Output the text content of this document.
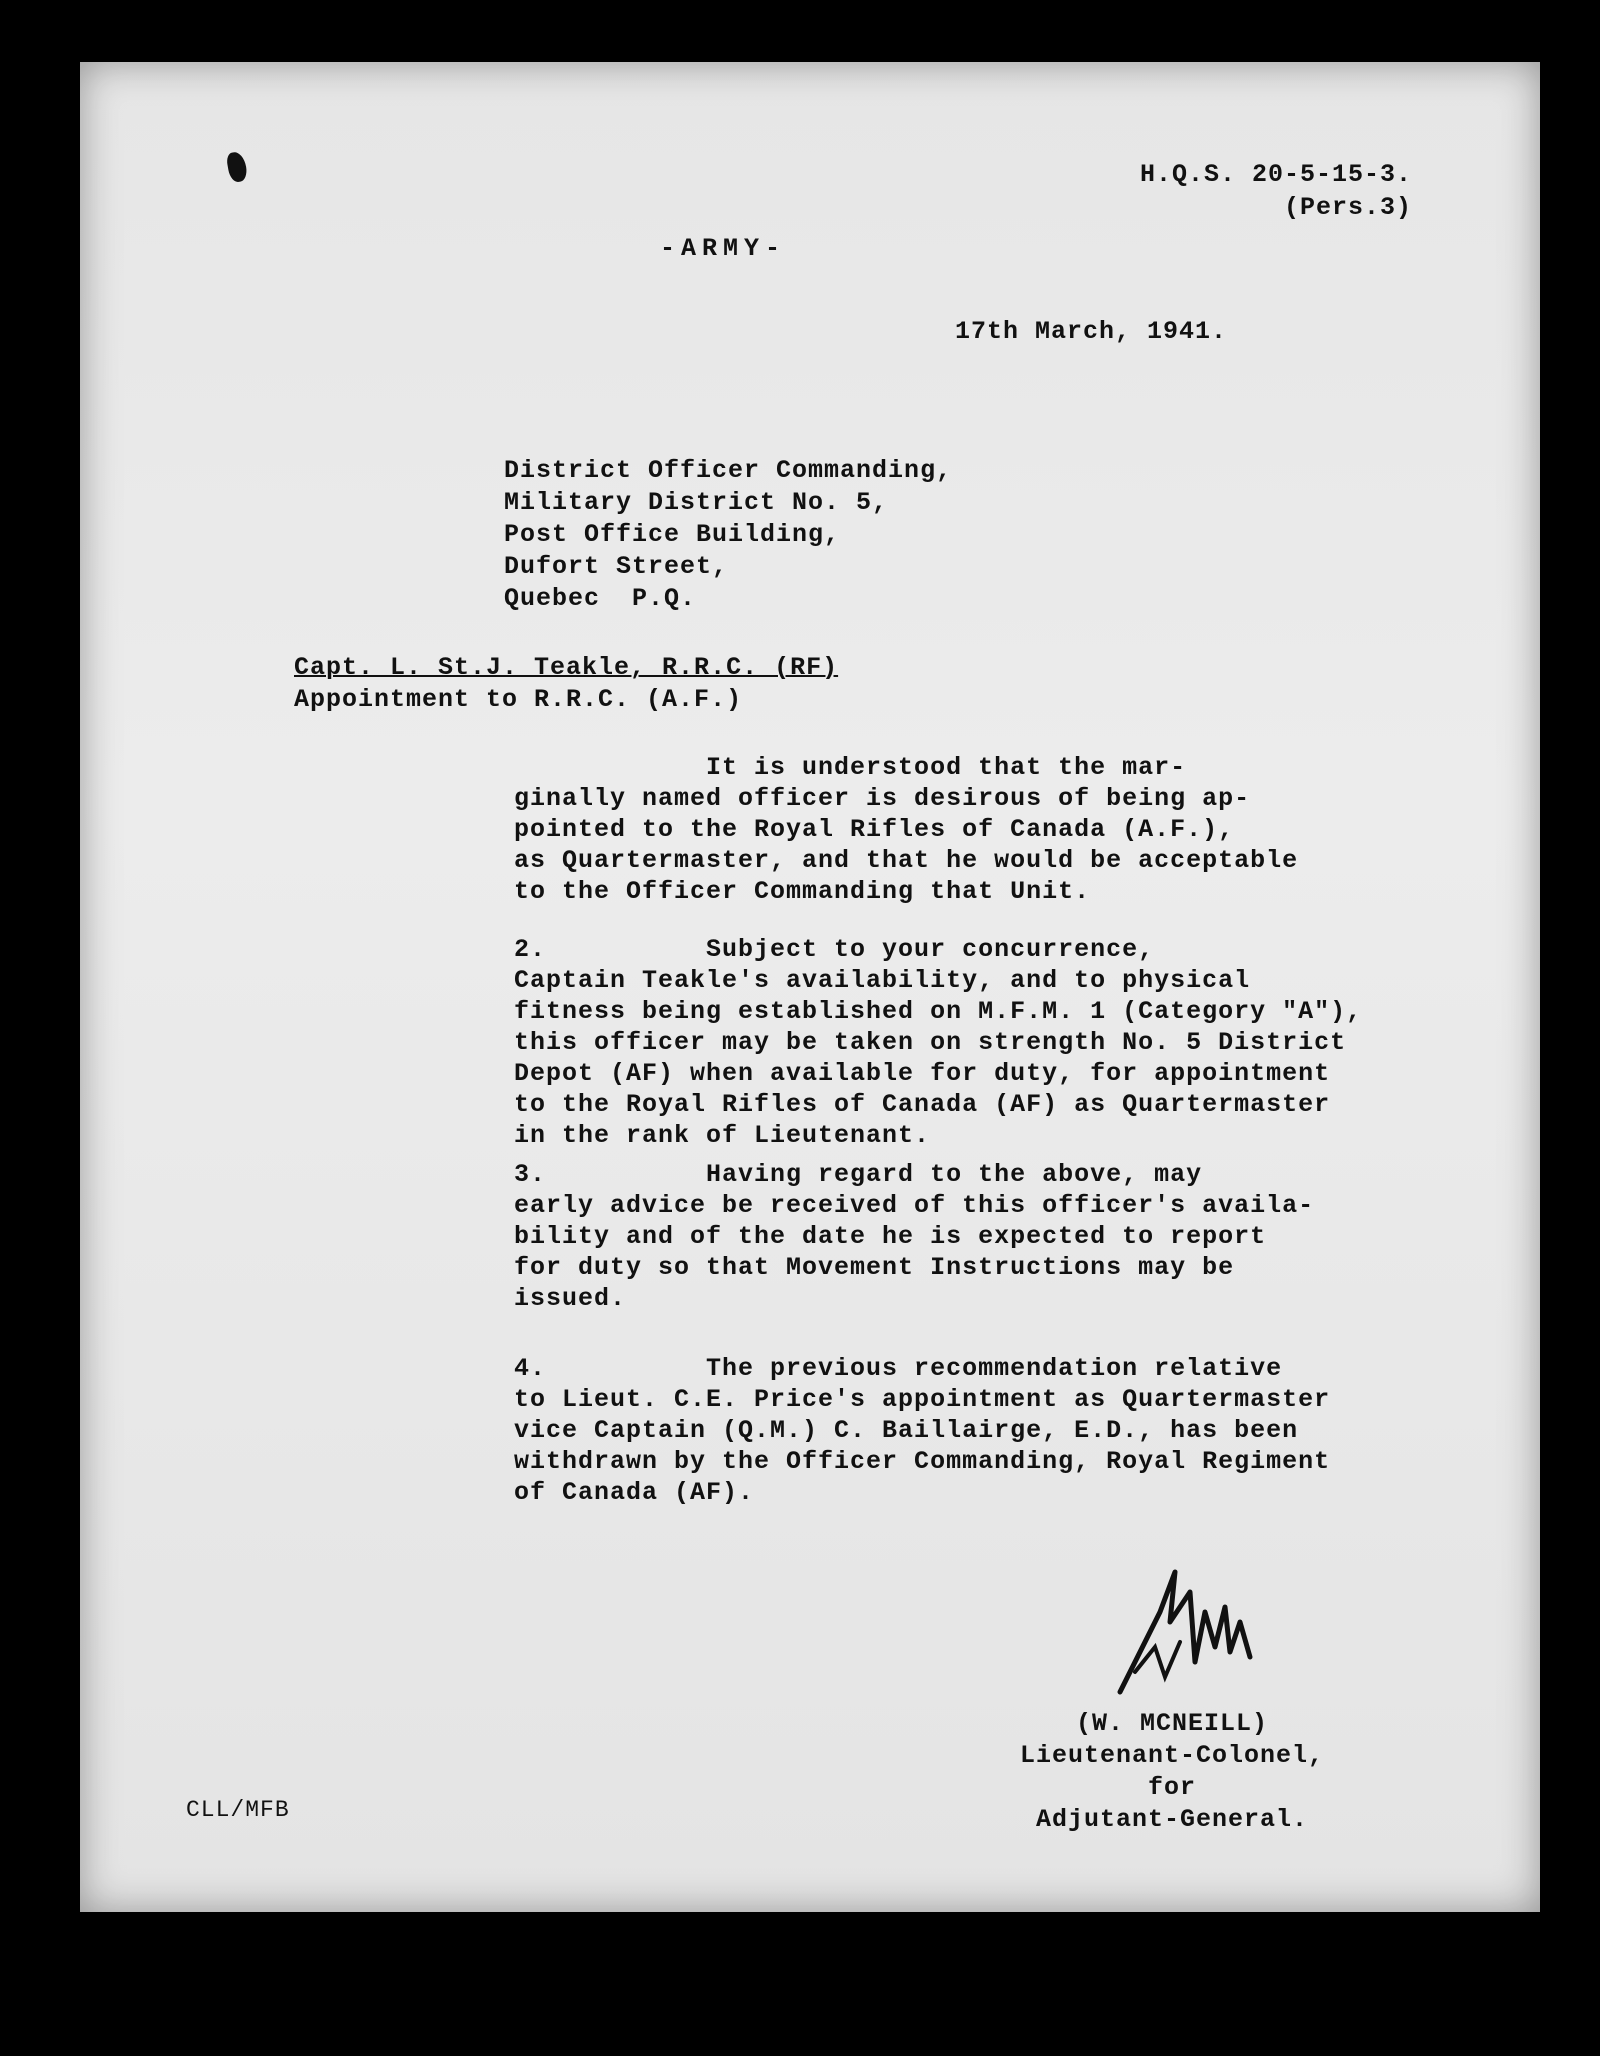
H.Q.S. 20-5-15-3.
(Pers.3)
-ARMY-
17th March, 1941.
District Officer Commanding,
Military District No. 5,
Post Office Building,
Dufort Street,
Quebec  P.Q.
Capt. L. St.J. Teakle, R.R.C. (RF)
Appointment to R.R.C. (A.F.)
It is understood that the mar-
ginally named officer is desirous of being ap-
pointed to the Royal Rifles of Canada (A.F.),
as Quartermaster, and that he would be acceptable
to the Officer Commanding that Unit.
2.          Subject to your concurrence,
Captain Teakle's availability, and to physical
fitness being established on M.F.M. 1 (Category "A"),
this officer may be taken on strength No. 5 District
Depot (AF) when available for duty, for appointment
to the Royal Rifles of Canada (AF) as Quartermaster
in the rank of Lieutenant.
3.          Having regard to the above, may
early advice be received of this officer's availa-
bility and of the date he is expected to report
for duty so that Movement Instructions may be
issued.
4.          The previous recommendation relative
to Lieut. C.E. Price's appointment as Quartermaster
vice Captain (Q.M.) C. Baillairge, E.D., has been
withdrawn by the Officer Commanding, Royal Regiment
of Canada (AF).
(W. MCNEILL)
Lieutenant-Colonel,
for
Adjutant-General.
CLL/MFB
